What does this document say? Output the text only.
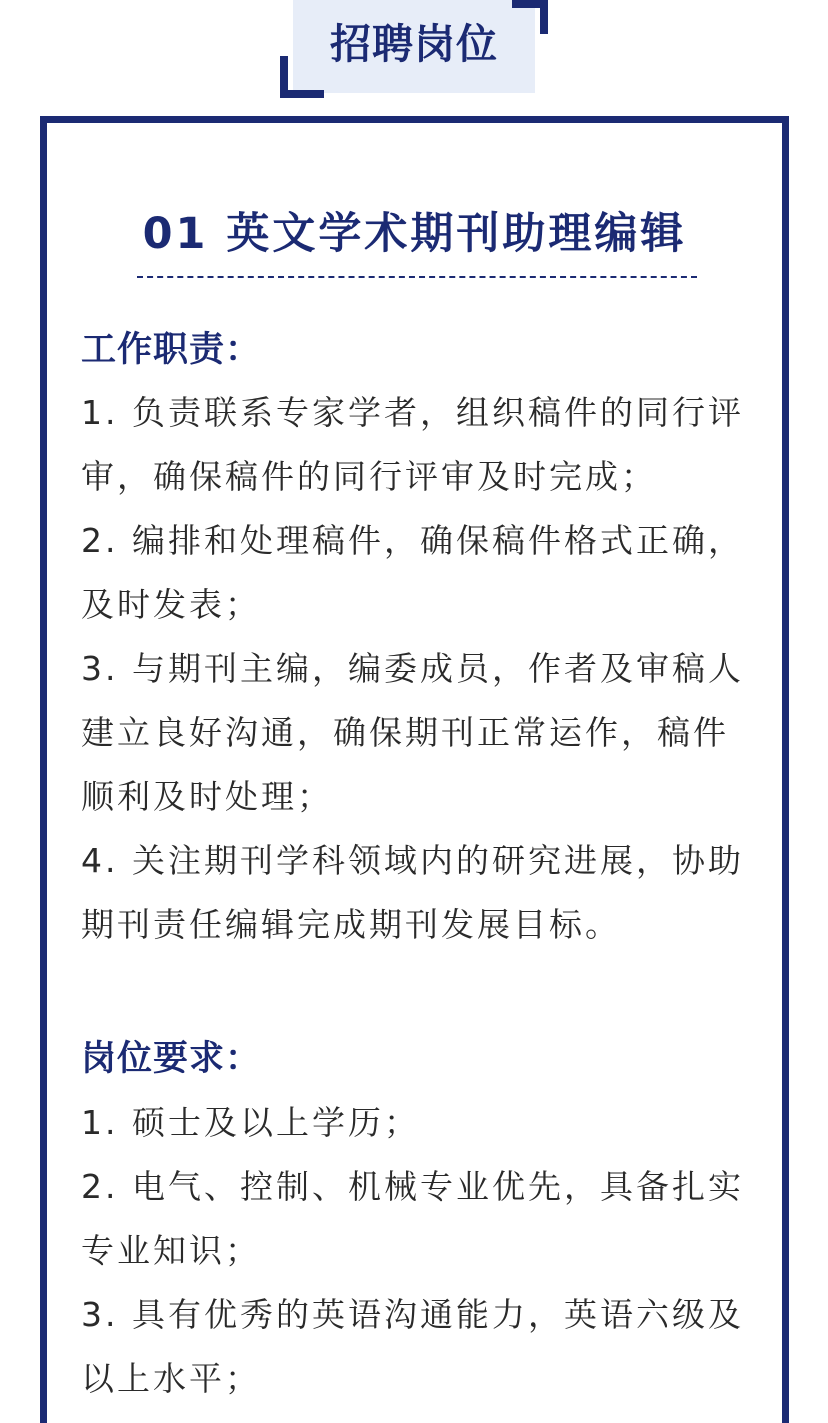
招聘岗位
01 英文学术期刊助理编辑
工作职责：
1. 负责联系专家学者，组织稿件的同行评审，确保稿件的同行评审及时完成；
2. 编排和处理稿件，确保稿件格式正确，及时发表；
3. 与期刊主编，编委成员，作者及审稿人建立良好沟通，确保期刊正常运作，稿件顺利及时处理；
4. 关注期刊学科领域内的研究进展，协助期刊责任编辑完成期刊发展目标。
岗位要求：
1. 硕士及以上学历；
2. 电气、控制、机械专业优先，具备扎实专业知识；
3. 具有优秀的英语沟通能力，英语六级及以上水平；
